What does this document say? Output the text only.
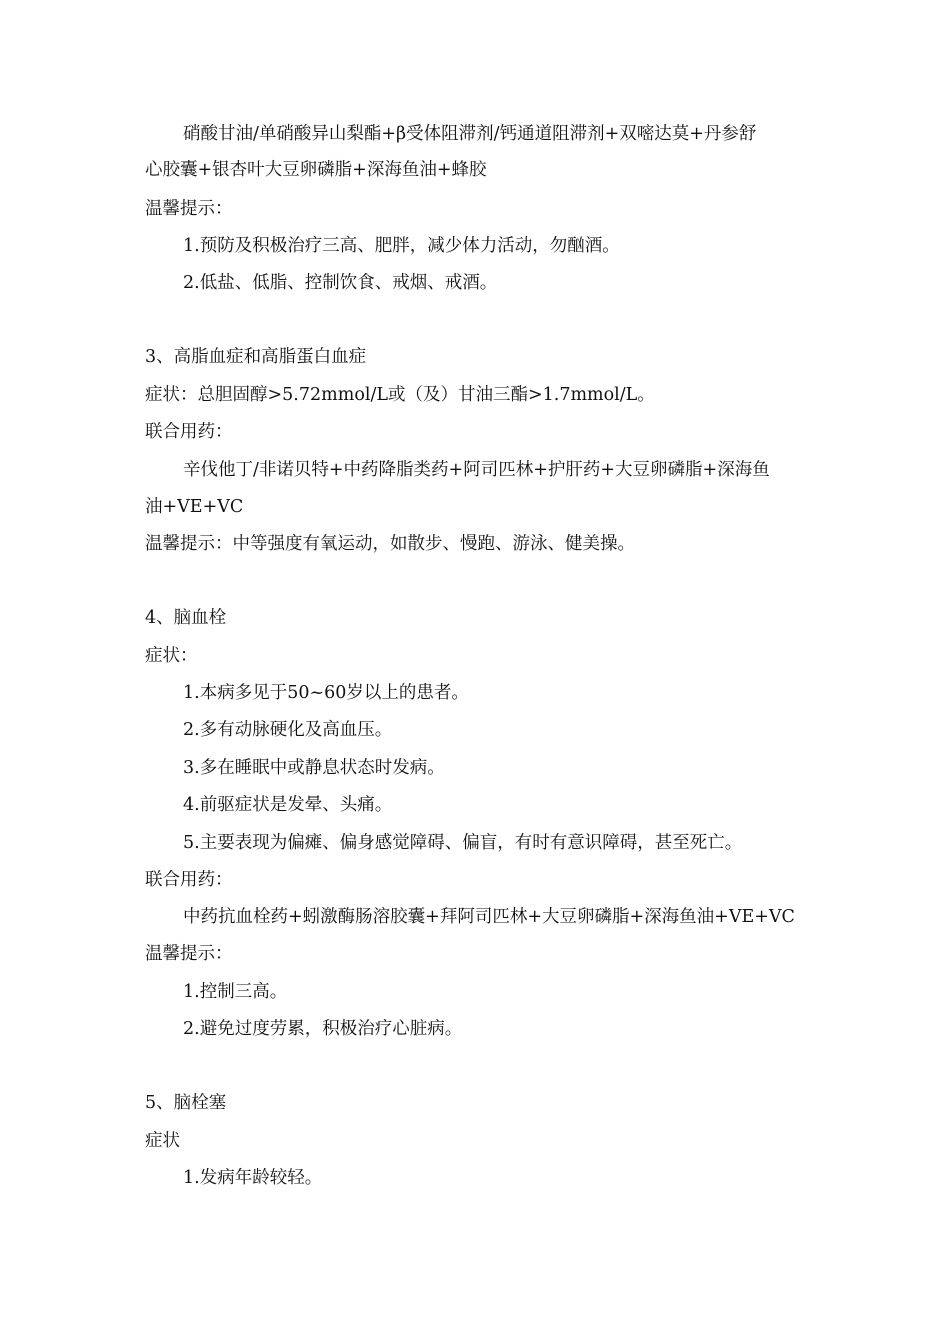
硝酸甘油/单硝酸异山梨酯+β受体阻滞剂/钙通道阻滞剂+双嘧达莫+丹参舒
心胶囊+银杏叶大豆卵磷脂+深海鱼油+蜂胶
温馨提示：
1.预防及积极治疗三高、肥胖，减少体力活动，勿酗酒。
2.低盐、低脂、控制饮食、戒烟、戒酒。
3、高脂血症和高脂蛋白血症
症状：总胆固醇>5.72mmol/L或（及）甘油三酯>1.7mmol/L。
联合用药：
辛伐他丁/非诺贝特+中药降脂类药+阿司匹林+护肝药+大豆卵磷脂+深海鱼
油+VE+VC
温馨提示：中等强度有氧运动，如散步、慢跑、游泳、健美操。
4、脑血栓
症状：
1.本病多见于50~60岁以上的患者。
2.多有动脉硬化及高血压。
3.多在睡眠中或静息状态时发病。
4.前驱症状是发晕、头痛。
5.主要表现为偏瘫、偏身感觉障碍、偏盲，有时有意识障碍，甚至死亡。
联合用药：
中药抗血栓药+蚓激酶肠溶胶囊+拜阿司匹林+大豆卵磷脂+深海鱼油+VE+VC
温馨提示：
1.控制三高。
2.避免过度劳累，积极治疗心脏病。
5、脑栓塞
症状
1.发病年龄较轻。
